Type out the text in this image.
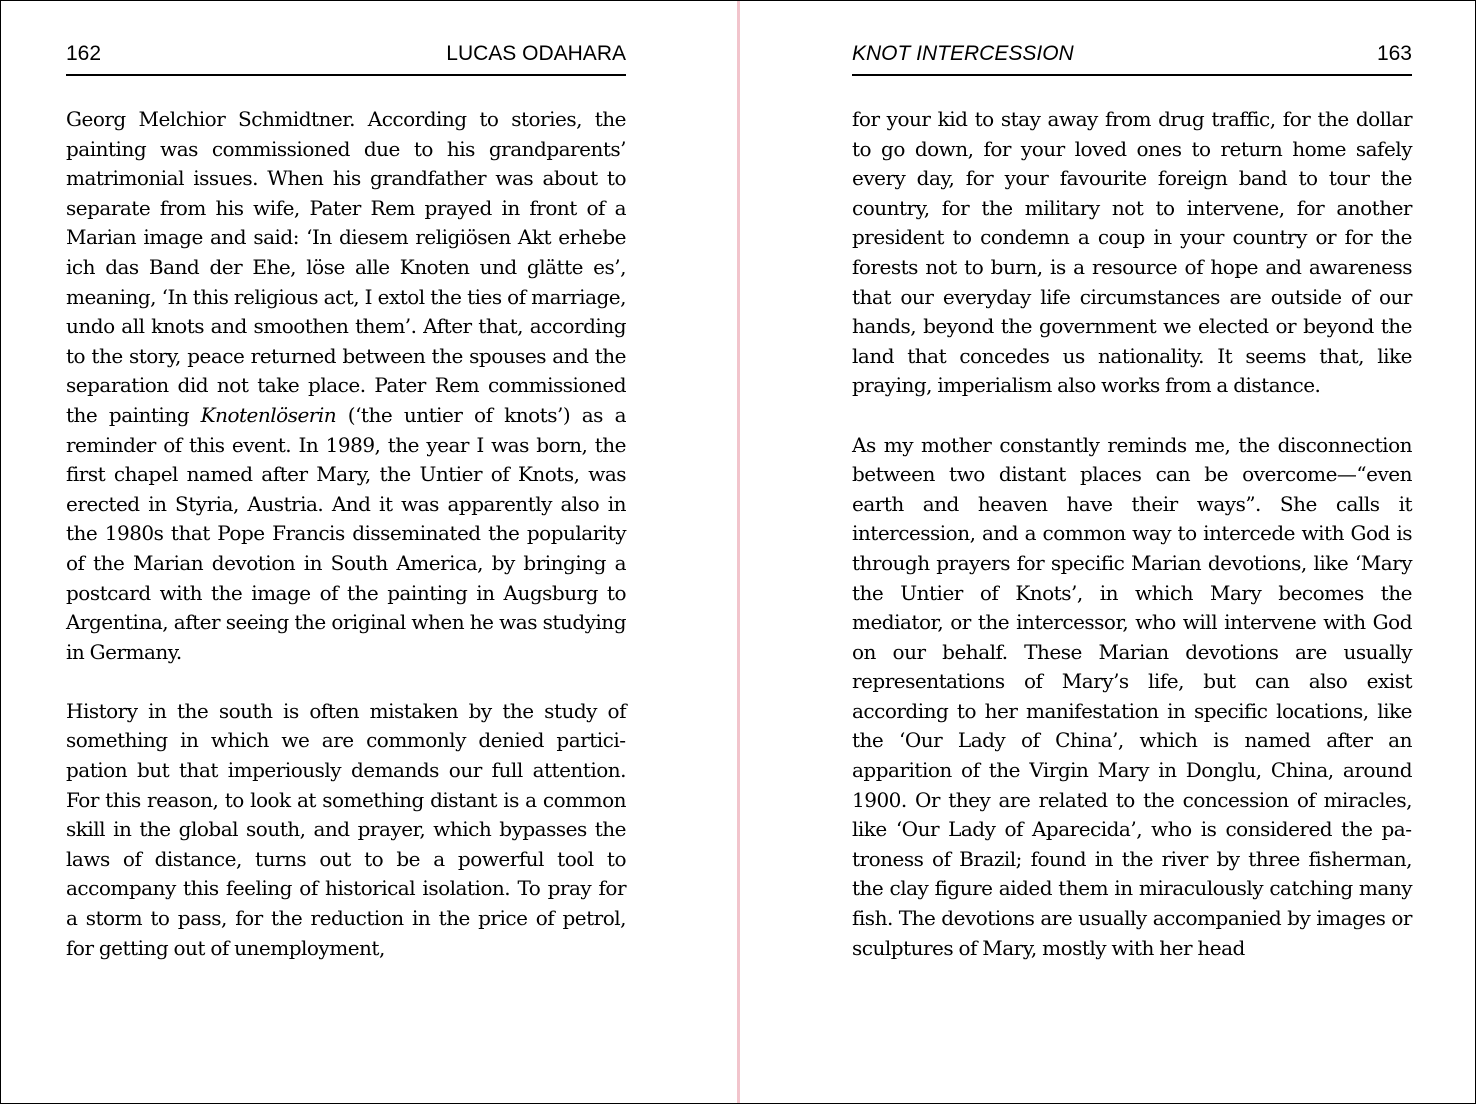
162	LUCAS ODAHARA

Georg Melchior Schmidtner. According to stories, the painting was commissioned due to his grandparents’ matrimonial issues. When his grandfather was about to separate from his wife, Pater Rem prayed in front of a Marian image and said: ‘In diesem religiösen Akt erhebe ich das Band der Ehe, löse alle Knoten und glätte es’, meaning, ‘In this religious act, I extol the ties of marriage, undo all knots and smoothen them’. After that, according to the story, peace returned between the spouses and the separation did not take place. Pater Rem commissioned the painting Knotenlöserin (‘the untier of knots’) as a reminder of this event. In 1989, the year I was born, the first chapel named after Mary, the Untier of Knots, was erected in Styria, Austria. And it was apparently also in the 1980s that Pope Francis disseminated the popularity of the Marian devotion in South America, by bringing a postcard with the image of the painting in Augsburg to Argentina, after seeing the original when he was studying in Germany.

History in the south is often mistaken by the study of something in which we are commonly denied participation but that imperiously demands our full attention. For this reason, to look at something distant is a common skill in the global south, and prayer, which bypasses the laws of distance, turns out to be a powerful tool to accompany this feeling of historical isolation. To pray for a storm to pass, for the reduction in the price of petrol, for getting out of unemployment,

KNOT INTERCESSION	163

for your kid to stay away from drug traffic, for the dollar to go down, for your loved ones to return home safely every day, for your favourite foreign band to tour the country, for the military not to intervene, for another president to condemn a coup in your country or for the forests not to burn, is a resource of hope and awareness that our everyday life circumstances are outside of our hands, beyond the government we elected or beyond the land that concedes us nationality. It seems that, like praying, imperialism also works from a distance.

As my mother constantly reminds me, the disconnection between two distant places can be overcome—“even earth and heaven have their ways”. She calls it intercession, and a common way to intercede with God is through prayers for specific Marian devotions, like ‘Mary the Untier of Knots’, in which Mary becomes the mediator, or the intercessor, who will intervene with God on our behalf. These Marian devotions are usually representations of Mary’s life, but can also exist according to her manifestation in specific locations, like the ‘Our Lady of China’, which is named after an apparition of the Virgin Mary in Donglu, China, around 1900. Or they are related to the concession of miracles, like ‘Our Lady of Aparecida’, who is considered the patroness of Brazil; found in the river by three fisherman, the clay figure aided them in miraculously catching many fish. The devotions are usually accompanied by images or sculptures of Mary, mostly with her head
